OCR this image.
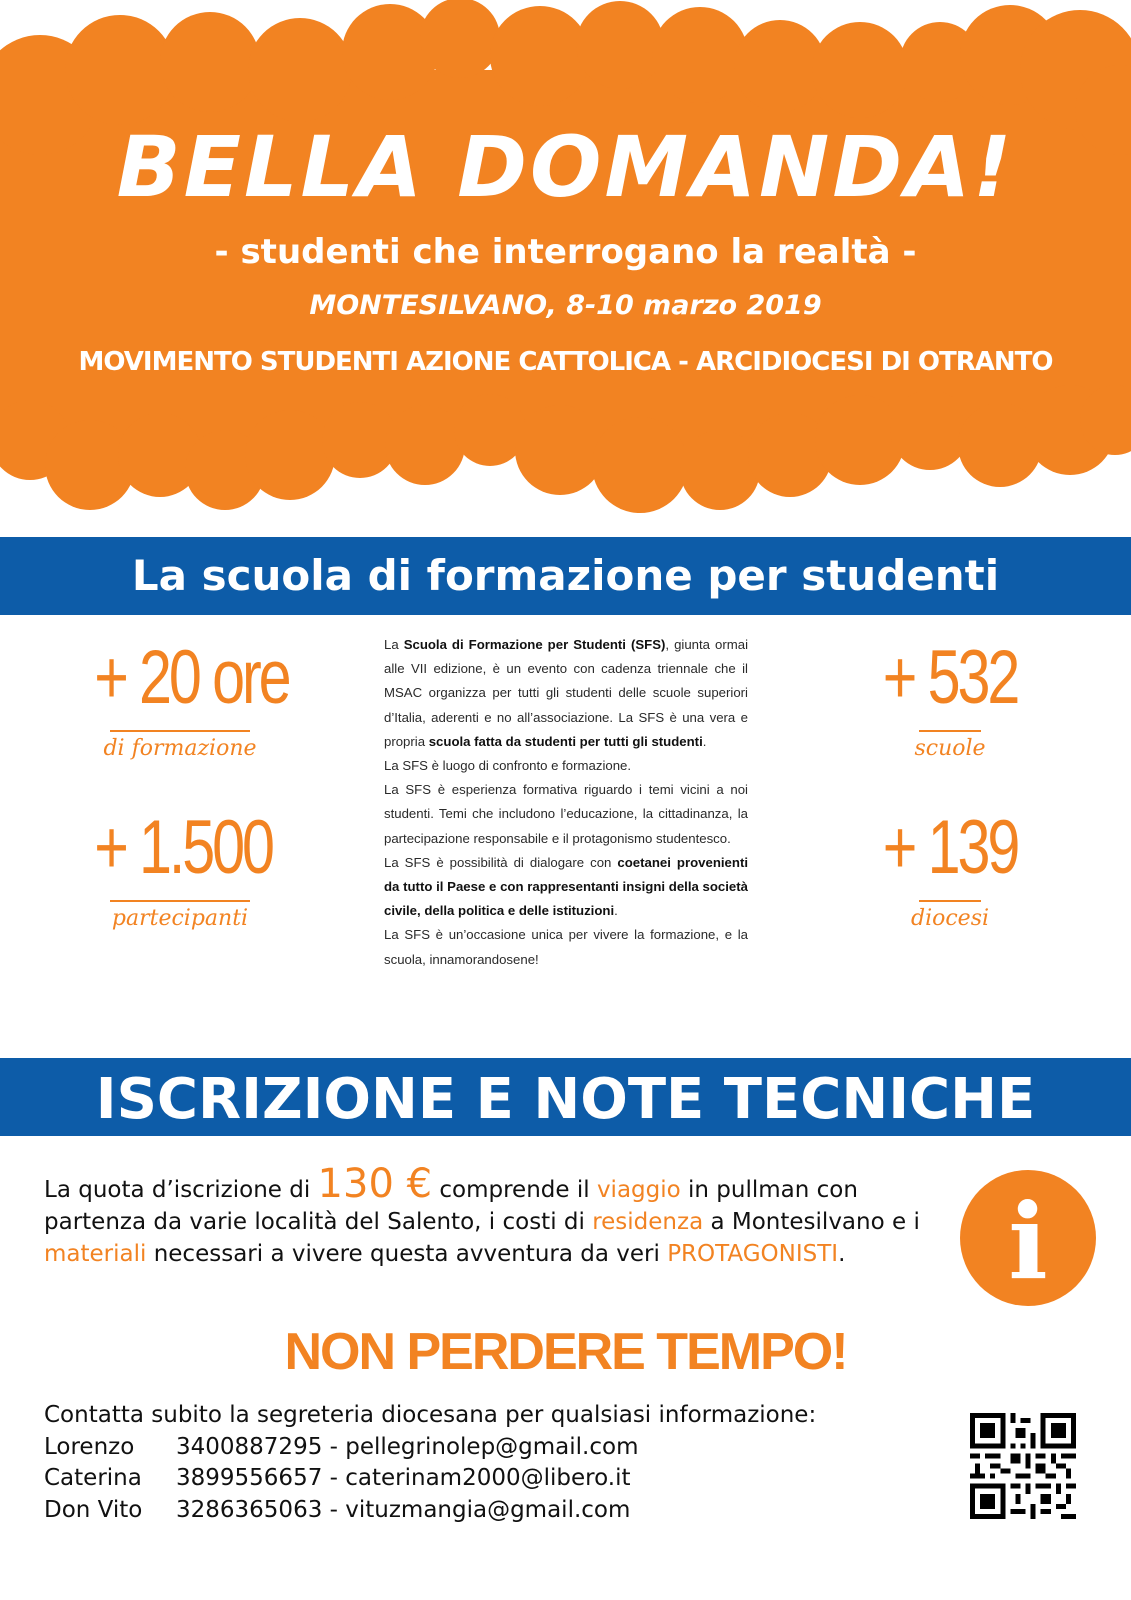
BELLA DOMANDA!
- studenti che interrogano la realtà -
MONTESILVANO, 8-10 marzo 2019
MOVIMENTO STUDENTI AZIONE CATTOLICA - ARCIDIOCESI DI OTRANTO
La scuola di formazione per studenti
+ 20 ore
di formazione
+ 1.500
partecipanti
+ 532
scuole
+ 139
diocesi

La Scuola di Formazione per Studenti (SFS), giunta ormai alle VII edizione, è un evento con cadenza triennale che il MSAC organizza per tutti gli studenti delle scuole superiori d’Italia, aderenti e no all’associazione. La SFS è una vera e propria scuola fatta da studenti per tutti gli studenti.

La SFS è luogo di confronto e formazione.

La SFS è esperienza formativa riguardo i temi vicini a noi studenti. Temi che includono l’educazione, la cittadinanza, la partecipazione responsabile e il protagonismo studentesco.

La SFS è possibilità di dialogare con coetanei provenienti da tutto il Paese e con rappresentanti insigni della società civile, della politica e delle istituzioni.

La SFS è un’occasione unica per vivere la formazione, e la scuola, innamorandosene!

ISCRIZIONE E NOTE TECNICHE
La quota d’iscrizione di 130 € comprende il viaggio in pullman con partenza da varie località del Salento, i costi di residenza a Montesilvano e i materiali necessari a vivere questa avventura da veri PROTAGONISTI.	i
NON PERDERE TEMPO!
Contatta subito la segreteria diocesana per qualsiasi informazione:
Lorenzo	3400887295 - pellegrinolep@gmail.com
Caterina	3899556657 - caterinam2000@libero.it
Don Vito	3286365063 - vituzmangia@gmail.com
